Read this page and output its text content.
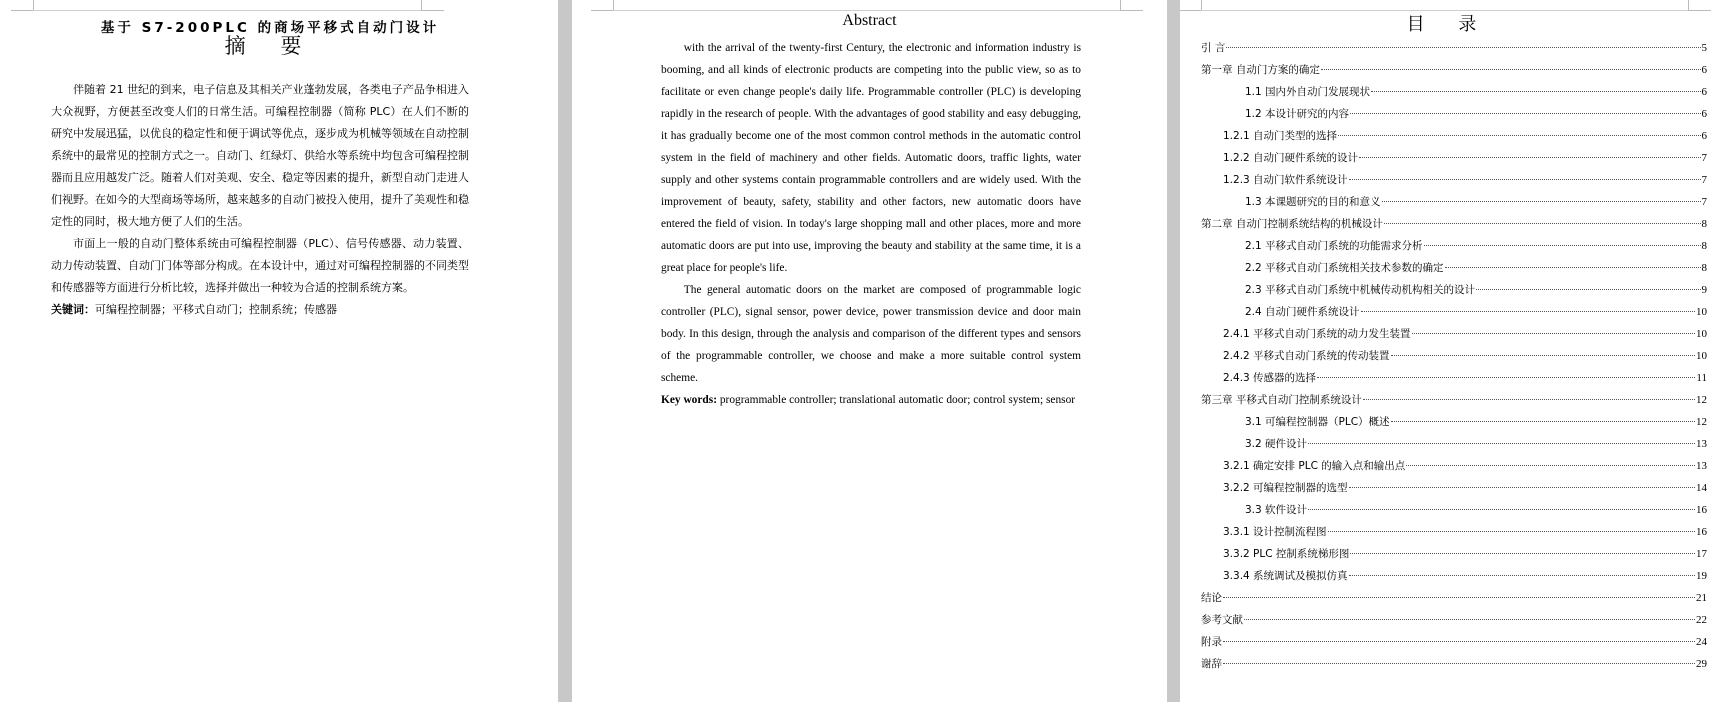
基于 S7-200PLC 的商场平移式自动门设计
摘 要

伴随着 21 世纪的到来，电子信息及其相关产业蓬勃发展，各类电子产品争相进入大众视野，方便甚至改变人们的日常生活。可编程控制器（简称 PLC）在人们不断的研究中发展迅猛，以优良的稳定性和便于调试等优点，逐步成为机械等领域在自动控制系统中的最常见的控制方式之一。自动门、红绿灯、供给水等系统中均包含可编程控制器而且应用越发广泛。随着人们对美观、安全、稳定等因素的提升，新型自动门走进人们视野。在如今的大型商场等场所，越来越多的自动门被投入使用，提升了美观性和稳定性的同时，极大地方便了人们的生活。

市面上一般的自动门整体系统由可编程控制器（PLC）、信号传感器、动力装置、动力传动装置、自动门门体等部分构成。在本设计中，通过对可编程控制器的不同类型和传感器等方面进行分析比较，选择并做出一种较为合适的控制系统方案。

关键词：可编程控制器；平移式自动门；控制系统；传感器
Abstract

with the arrival of the twenty-first Century, the electronic and information industry is booming, and all kinds of electronic products are competing into the public view, so as to facilitate or even change people's daily life. Programmable controller (PLC) is developing rapidly in the research of people. With the advantages of good stability and easy debugging, it has gradually become one of the most common control methods in the automatic control system in the field of machinery and other fields. Automatic doors, traffic lights, water supply and other systems contain programmable controllers and are widely used. With the improvement of beauty, safety, stability and other factors, new automatic doors have entered the field of vision. In today's large shopping mall and other places, more and more automatic doors are put into use, improving the beauty and stability at the same time, it is a great place for people's life.

The general automatic doors on the market are composed of programmable logic controller (PLC), signal sensor, power device, power transmission device and door main body. In this design, through the analysis and comparison of the different types and sensors of the programmable controller, we choose and make a more suitable control system scheme.

Key words: programmable controller; translational automatic door; control system; sensor
目 录
引 言	5
第一章 自动门方案的确定	6
1.1 国内外自动门发展现状	6
1.2 本设计研究的内容	6
1.2.1 自动门类型的选择	6
1.2.2 自动门硬件系统的设计	7
1.2.3 自动门软件系统设计	7
1.3 本课题研究的目的和意义	7
第二章 自动门控制系统结构的机械设计	8
2.1 平移式自动门系统的功能需求分析	8
2.2 平移式自动门系统相关技术参数的确定	8
2.3 平移式自动门系统中机械传动机构相关的设计	9
2.4 自动门硬件系统设计	10
2.4.1 平移式自动门系统的动力发生装置	10
2.4.2 平移式自动门系统的传动装置	10
2.4.3 传感器的选择	11
第三章 平移式自动门控制系统设计	12
3.1 可编程控制器（PLC）概述	12
3.2 硬件设计	13
3.2.1 确定安排 PLC 的输入点和输出点	13
3.2.2 可编程控制器的选型	14
3.3 软件设计	16
3.3.1 设计控制流程图	16
3.3.2 PLC 控制系统梯形图	17
3.3.4 系统调试及模拟仿真	19
结论	21
参考文献	22
附录	24
谢辞	29
